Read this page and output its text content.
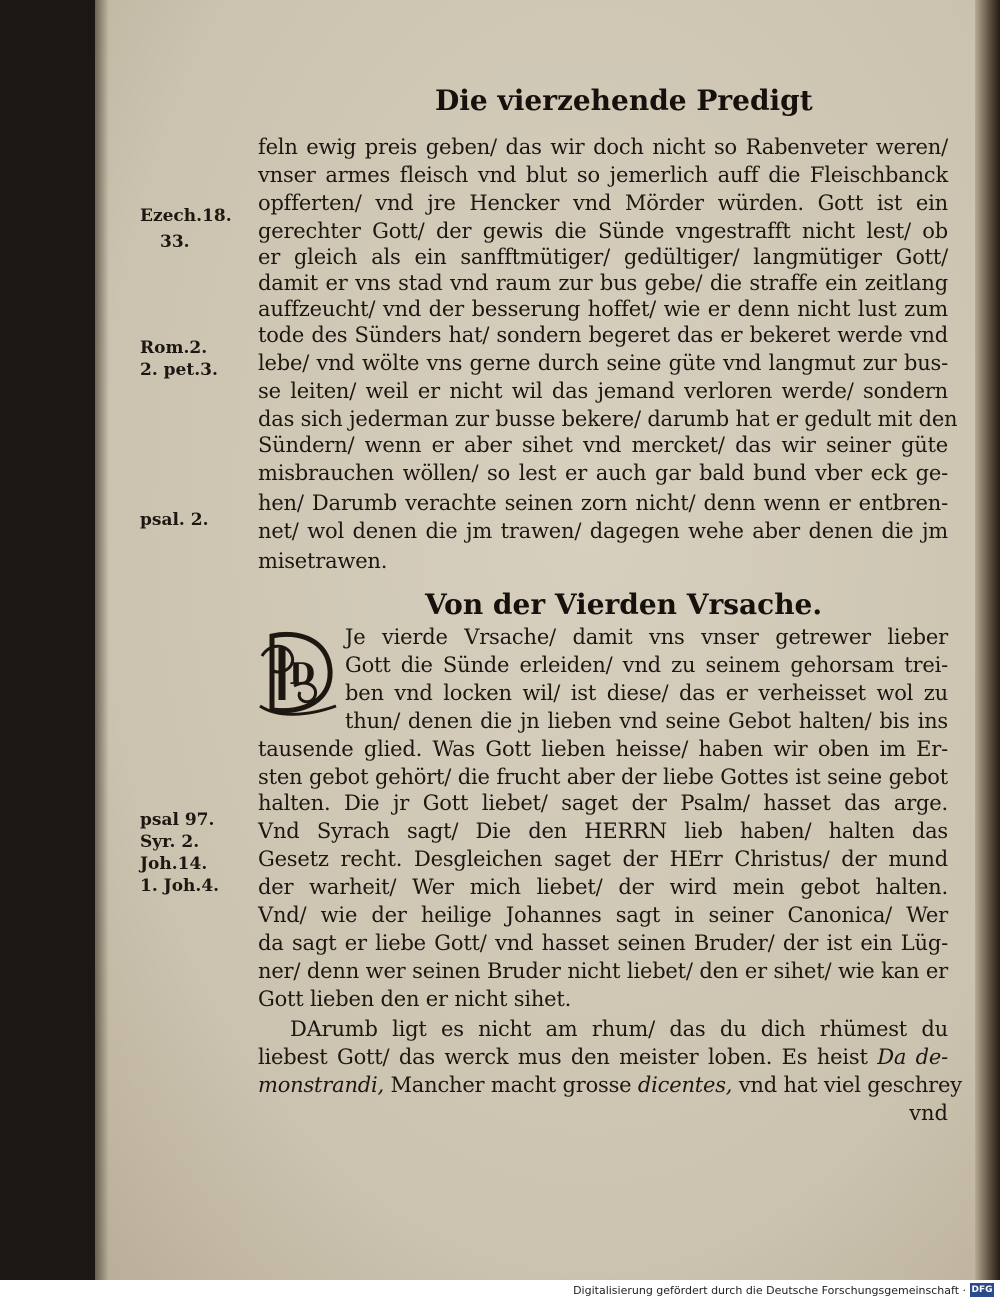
Die vierzehende Predigt
Ezech.18.
33.
Rom.2.
2. pet.3.
psal. 2.
psal 97.
Syr. 2.
Joh.14.
1. Joh.4.
feln ewig preis geben/ das wir doch nicht so Rabenveter weren/
vnser armes fleisch vnd blut so jemerlich auff die Fleischbanck
opfferten/ vnd jre Hencker vnd Mörder würden. Gott ist ein
gerechter Gott/ der gewis die Sünde vngestrafft nicht lest/ ob
er gleich als ein sanfftmütiger/ gedültiger/ langmütiger Gott/
damit er vns stad vnd raum zur bus gebe/ die straffe ein zeitlang
auffzeucht/ vnd der besserung hoffet/ wie er denn nicht lust zum
tode des Sünders hat/ sondern begeret das er bekeret werde vnd
lebe/ vnd wölte vns gerne durch seine güte vnd langmut zur bus-
se leiten/ weil er nicht wil das jemand verloren werde/ sondern
das sich jederman zur busse bekere/ darumb hat er gedult mit den
Sündern/ wenn er aber sihet vnd mercket/ das wir seiner güte
misbrauchen wöllen/ so lest er auch gar bald bund vber eck ge-
hen/ Darumb verachte seinen zorn nicht/ denn wenn er entbren-
net/ wol denen die jm trawen/ dagegen wehe aber denen die jm
misetrawen.
Von der Vierden Vrsache.
D
Je vierde Vrsache/ damit vns vnser getrewer lieber
Gott die Sünde erleiden/ vnd zu seinem gehorsam trei-
ben vnd locken wil/ ist diese/ das er verheisset wol zu
thun/ denen die jn lieben vnd seine Gebot halten/ bis ins
tausende glied. Was Gott lieben heisse/ haben wir oben im Er-
sten gebot gehört/ die frucht aber der liebe Gottes ist seine gebot
halten. Die jr Gott liebet/ saget der Psalm/ hasset das arge.
Vnd Syrach sagt/ Die den HERRN lieb haben/ halten das
Gesetz recht. Desgleichen saget der HErr Christus/ der mund
der warheit/ Wer mich liebet/ der wird mein gebot halten.
Vnd/ wie der heilige Johannes sagt in seiner Canonica/ Wer
da sagt er liebe Gott/ vnd hasset seinen Bruder/ der ist ein Lüg-
ner/ denn wer seinen Bruder nicht liebet/ den er sihet/ wie kan er
Gott lieben den er nicht sihet.
DArumb ligt es nicht am rhum/ das du dich rhümest du
liebest Gott/ das werck mus den meister loben. Es heist Da de-
monstrandi, Mancher macht grosse dicentes, vnd hat viel geschrey
vnd
Digitalisierung gefördert durch die Deutsche Forschungsgemeinschaft · DFG
